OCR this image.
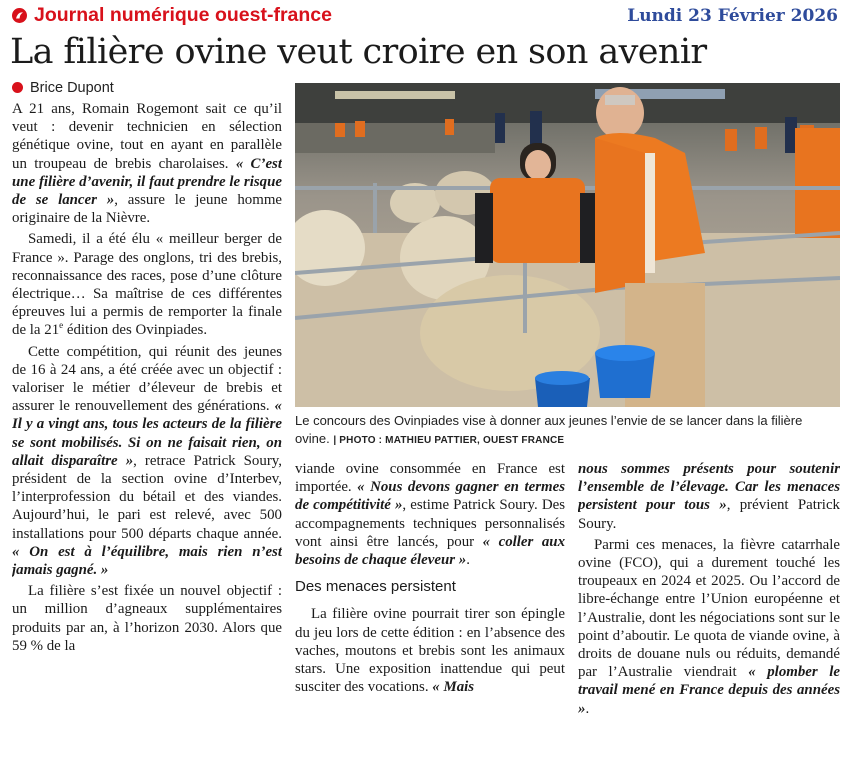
Journal numérique ouest-france	Lundi 23 Février 2026
La filière ovine veut croire en son avenir
Brice Dupont

A 21 ans, Romain Rogemont sait ce qu’il veut : devenir technicien en sélection génétique ovine, tout en ayant en parallèle un troupeau de brebis charolaises. « C’est une filière d’avenir, il faut prendre le risque de se lancer », assure le jeune homme originaire de la Nièvre.

Samedi, il a été élu « meilleur berger de France ». Parage des onglons, tri des brebis, reconnaissance des races, pose d’une clôture électrique… Sa maîtrise de ces différentes épreuves lui a permis de remporter la finale de la 21e édition des Ovinpiades.

Cette compétition, qui réunit des jeunes de 16 à 24 ans, a été créée avec un objectif : valoriser le métier d’éleveur de brebis et assurer le renouvellement des générations. « Il y a vingt ans, tous les acteurs de la filière se sont mobilisés. Si on ne faisait rien, on allait disparaître », retrace Patrick Soury, président de la section ovine d’Interbev, l’interprofession du bétail et des viandes. Aujourd’hui, le pari est relevé, avec 500 installations pour 500 départs chaque année. « On est à l’équilibre, mais rien n’est jamais gagné. »

La filière s’est fixée un nouvel objectif : un million d’agneaux supplémentaires produits par an, à l’horizon 2030. Alors que 59 % de la

Le concours des Ovinpiades vise à donner aux jeunes l’envie de se lancer dans la filière ovine. | PHOTO : MATHIEU PATTIER, OUEST FRANCE

viande ovine consommée en France est importée. « Nous devons gagner en termes de compétitivité », estime Patrick Soury. Des accompagnements techniques personnalisés vont ainsi être lancés, pour « coller aux besoins de chaque éleveur ».

Des menaces persistent

La filière ovine pourrait tirer son épingle du jeu lors de cette édition : en l’absence des vaches, moutons et brebis sont les animaux stars. Une exposition inattendue qui peut susciter des vocations. « Mais

nous sommes présents pour soutenir l’ensemble de l’élevage. Car les menaces persistent pour tous », prévient Patrick Soury.

Parmi ces menaces, la fièvre catarrhale ovine (FCO), qui a durement touché les troupeaux en 2024 et 2025. Ou l’accord de libre-échange entre l’Union européenne et l’Australie, dont les négociations sont sur le point d’aboutir. Le quota de viande ovine, à droits de douane nuls ou réduits, demandé par l’Australie viendrait « plomber le travail mené en France depuis des années ».
